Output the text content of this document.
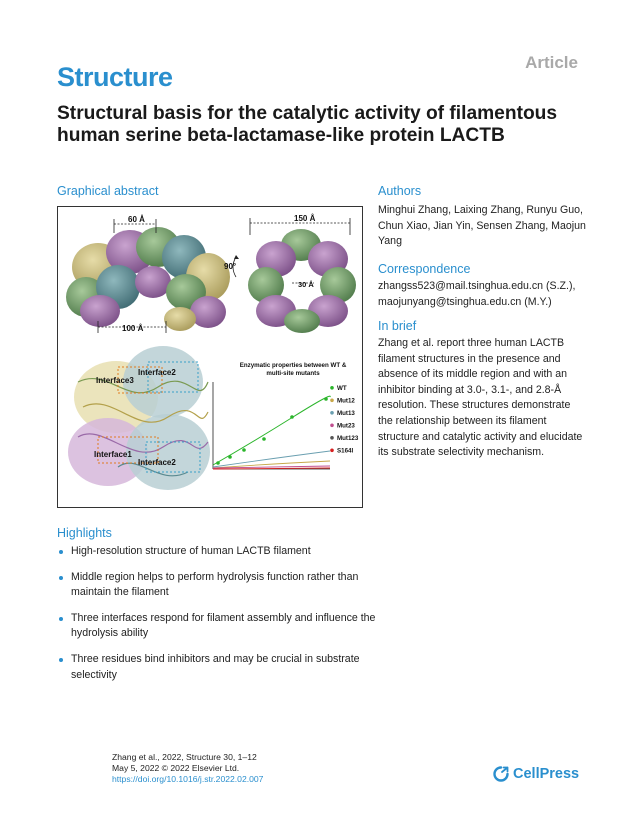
Structure	Article
Structural basis for the catalytic activity of filamentous human serine beta-lactamase-like protein LACTB
Graphical abstract
60 Å
100 Å
90°
150 Å
30 Å
Interface3
Interface2
Interface1
Interface2
Enzymatic properties between WT &
multi-site mutants
WT
Mut12
Mut13
Mut23
Mut123
S164I
Authors
Minghui Zhang, Laixing Zhang, Runyu Guo, Chun Xiao, Jian Yin, Sensen Zhang, Maojun Yang
Correspondence
zhangss523@mail.tsinghua.edu.cn (S.Z.),
maojunyang@tsinghua.edu.cn (M.Y.)
In brief
Zhang et al. report three human LACTB filament structures in the presence and absence of its middle region and with an inhibitor binding at 3.0-, 3.1-, and 2.8-Å resolution. These structures demonstrate the relationship between its filament structure and catalytic activity and elucidate its substrate selectivity mechanism.
Highlights
High-resolution structure of human LACTB filament
Middle region helps to perform hydrolysis function rather than maintain the filament
Three interfaces respond for filament assembly and influence the hydrolysis ability
Three residues bind inhibitors and may be crucial in substrate selectivity
Zhang et al., 2022, Structure 30, 1–12
May 5, 2022 © 2022 Elsevier Ltd.
https://doi.org/10.1016/j.str.2022.02.007	CellPress
